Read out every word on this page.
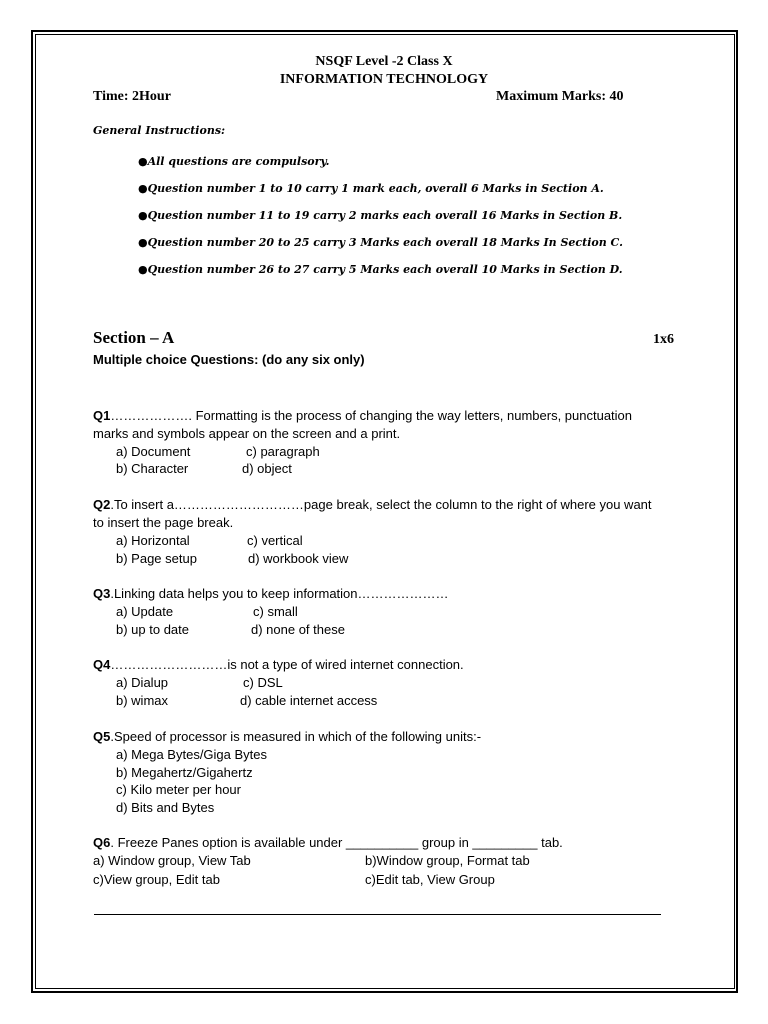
NSQF Level -2 Class X
INFORMATION TECHNOLOGY
Time: 2Hour	Maximum Marks: 40
General Instructions:
●All questions are compulsory.
●Question number 1 to 10 carry 1 mark each, overall 6 Marks in Section A.
●Question number 11 to 19 carry 2 marks each overall 16 Marks in Section B.
●Question number 20 to 25 carry 3 Marks each overall 18 Marks In Section C.
●Question number 26 to 27 carry 5 Marks each overall 10 Marks in Section D.
Section – A	1x6
Multiple choice Questions: (do any six only)
Q1………………. Formatting is the process of changing the way letters, numbers, punctuation
marks and symbols appear on the screen and a print.
a) Document	c) paragraph
b) Character	d) object
Q2.To insert a…………………………page break, select the column to the right of where you want
to insert the page break.
a) Horizontal	c) vertical
b) Page setup	d) workbook view
Q3.Linking data helps you to keep information…………………
a) Update	c) small
b) up to date	d) none of these
Q4………………………is not a type of wired internet connection.
a) Dialup	c) DSL
b) wimax	d) cable internet access
Q5.Speed of processor is measured in which of the following units:-
a) Mega Bytes/Giga Bytes
b) Megahertz/Gigahertz
c) Kilo meter per hour
d) Bits and Bytes
Q6. Freeze Panes option is available under __________ group in _________ tab.
a) Window group, View Tab	b)Window group, Format tab
c)View group, Edit tab	c)Edit tab, View Group
